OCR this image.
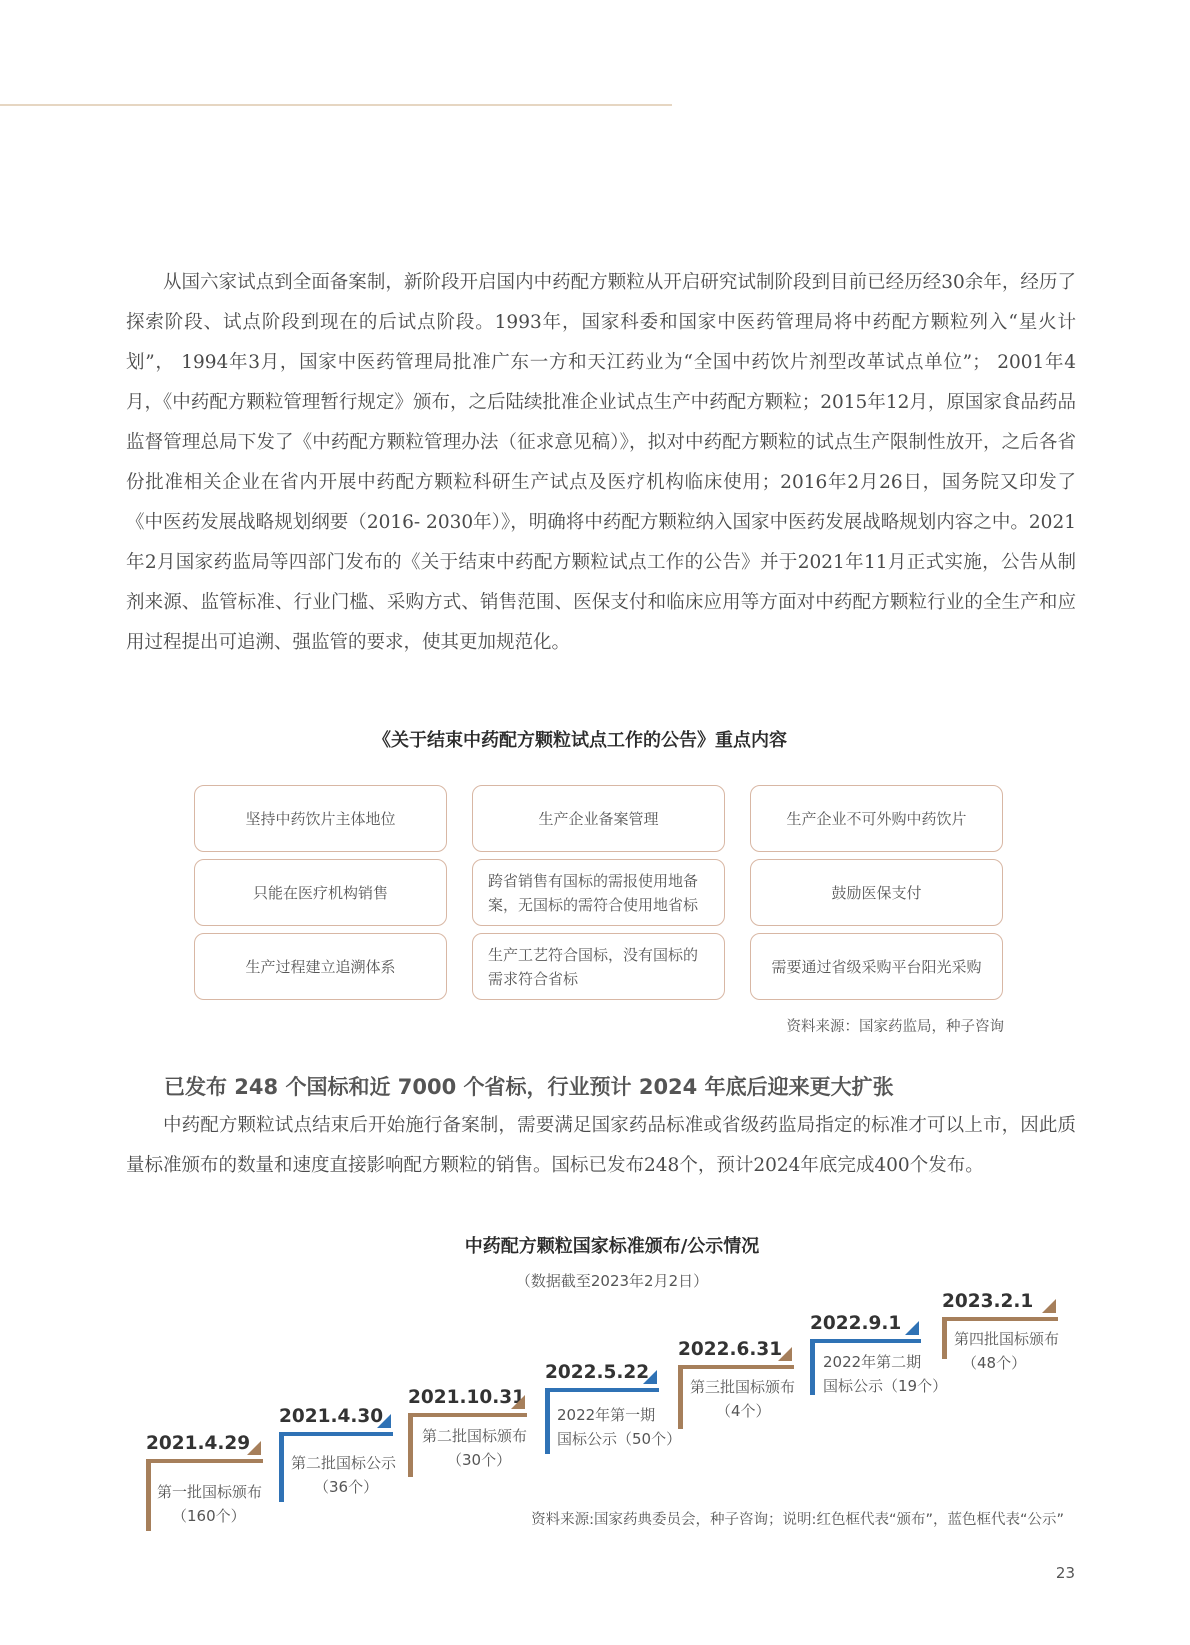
从国六家试点到全面备案制，新阶段开启国内中药配方颗粒从开启研究试制阶段到目前已经历经30余年，经历了探索阶段、试点阶段到现在的后试点阶段。1993年，国家科委和国家中医药管理局将中药配方颗粒列入“星火计划”， 1994年3月，国家中医药管理局批准广东一方和天江药业为“全国中药饮片剂型改革试点单位”； 2001年4月，《中药配方颗粒管理暂行规定》颁布，之后陆续批准企业试点生产中药配方颗粒；2015年12月，原国家食品药品监督管理总局下发了《中药配方颗粒管理办法（征求意见稿）》，拟对中药配方颗粒的试点生产限制性放开，之后各省份批准相关企业在省内开展中药配方颗粒科研生产试点及医疗机构临床使用；2016年2月26日，国务院又印发了《中医药发展战略规划纲要（2016- 2030年）》，明确将中药配方颗粒纳入国家中医药发展战略规划内容之中。2021年2月国家药监局等四部门发布的《关于结束中药配方颗粒试点工作的公告》并于2021年11月正式实施，公告从制剂来源、监管标准、行业门槛、采购方式、销售范围、医保支付和临床应用等方面对中药配方颗粒行业的全生产和应用过程提出可追溯、强监管的要求，使其更加规范化。

《关于结束中药配方颗粒试点工作的公告》重点内容
坚持中药饮片主体地位	生产企业备案管理	生产企业不可外购中药饮片
只能在医疗机构销售
跨省销售有国标的需报使用地备案，无国标的需符合使用地省标
鼓励医保支付
生产过程建立追溯体系
生产工艺符合国标，没有国标的需求符合省标
需要通过省级采购平台阳光采购
资料来源：国家药监局，种子咨询
已发布 248 个国标和近 7000 个省标，行业预计 2024 年底后迎来更大扩张

中药配方颗粒试点结束后开始施行备案制，需要满足国家药品标准或省级药监局指定的标准才可以上市，因此质量标准颁布的数量和速度直接影响配方颗粒的销售。国标已发布248个，预计2024年底完成400个发布。

中药配方颗粒国家标准颁布/公示情况
（数据截至2023年2月2日）
2021.4.29
第一批国标颁布
（160个）
2021.4.30
第二批国标公示
（36个）
2021.10.31
第二批国标颁布
（30个）
2022.5.22
2022年第一期
国标公示（50个）
2022.6.31
第三批国标颁布
（4个）
2022.9.1
2022年第二期
国标公示（19个）
2023.2.1
第四批国标颁布
（48个）
资料来源:国家药典委员会，种子咨询；说明:红色框代表“颁布”，蓝色框代表“公示”
23
